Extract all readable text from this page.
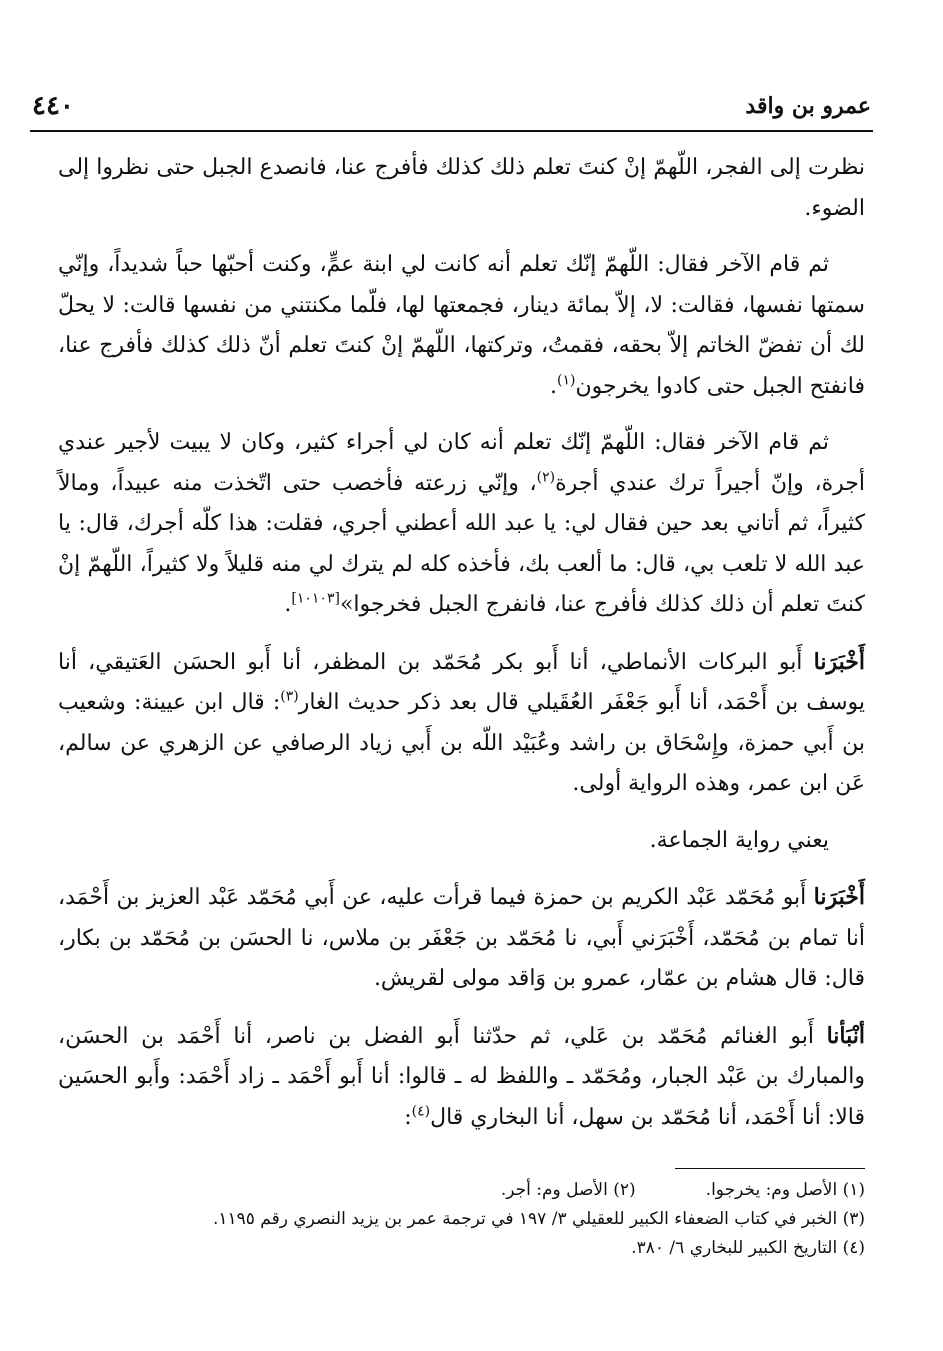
عمرو بن واقد
٤٤٠

نظرت إلى الفجر، اللّهمّ إنْ كنتَ تعلم ذلك كذلك فأفرج عنا، فانصدع الجبل حتى نظروا إلى الضوء.

ثم قام الآخر فقال: اللّهمّ إنّك تعلم أنه كانت لي ابنة عمٍّ، وكنت أحبّها حباً شديداً، وإنّي سمتها نفسها، فقالت: لا، إلاّ بمائة دينار، فجمعتها لها، فلّما مكنتني من نفسها قالت: لا يحلّ لك أن تفضّ الخاتم إلاّ بحقه، فقمتُ، وتركتها، اللّهمّ إنْ كنتَ تعلم أنّ ذلك كذلك فأفرج عنا، فانفتح الجبل حتى كادوا يخرجون$^{(١)}$.

ثم قام الآخر فقال: اللّهمّ إنّك تعلم أنه كان لي أجراء كثير، وكان لا يبيت لأجير عندي أجرة، وإنّ أجيراً ترك عندي أجرة$^{(٢)}$، وإنّي زرعته فأخصب حتى اتّخذت منه عبيداً، ومالاً كثيراً، ثم أتاني بعد حين فقال لي: يا عبد الله أعطني أجري، فقلت: هذا كلّه أجرك، قال: يا عبد الله لا تلعب بي، قال: ما ألعب بك، فأخذه كله لم يترك لي منه قليلاً ولا كثيراً، اللّهمّ إنْ كنتَ تعلم أن ذلك كذلك فأفرج عنا، فانفرج الجبل فخرجوا»[١٠١٠٣].

أَخْبَرَنا أَبو البركات الأنماطي، أنا أَبو بكر مُحَمّد بن المظفر، أنا أَبو الحسَن العَتيقي، أنا يوسف بن أَحْمَد، أنا أَبو جَعْفَر العُقَيلي قال بعد ذكر حديث الغار$^{(٣)}$: قال ابن عيينة: وشعيب بن أَبي حمزة، وإِسْحَاق بن راشد وعُبَيْد اللّه بن أَبي زياد الرصافي عن الزهري عن سالم، عَن ابن عمر، وهذه الرواية أولى.

يعني رواية الجماعة.

أَخْبَرَنا أَبو مُحَمّد عَبْد الكريم بن حمزة فيما قرأت عليه، عن أَبي مُحَمّد عَبْد العزيز بن أَحْمَد، أنا تمام بن مُحَمّد، أَخْبَرَني أَبي، نا مُحَمّد بن جَعْفَر بن ملاس، نا الحسَن بن مُحَمّد بن بكار، قال: قال هشام بن عمّار، عمرو بن وَاقد مولى لقريش.

أنْبَأنا أَبو الغنائم مُحَمّد بن عَلي، ثم حدّثنا أَبو الفضل بن ناصر، أنا أَحْمَد بن الحسَن، والمبارك بن عَبْد الجبار، ومُحَمّد ـ واللفظ له ـ قالوا: أنا أَبو أَحْمَد ـ زاد أَحْمَد: وأَبو الحسَين قالا: أنا أَحْمَد، أنا مُحَمّد بن سهل، أنا البخاري قال$^{(٤)}$:

(١) الأصل وم: يخرجوا.
(٢) الأصل وم: أجر.
(٣) الخبر في كتاب الضعفاء الكبير للعقيلي ٣/ ١٩٧ في ترجمة عمر بن يزيد النصري رقم ١١٩٥.
(٤) التاريخ الكبير للبخاري ٦/ ٣٨٠.
